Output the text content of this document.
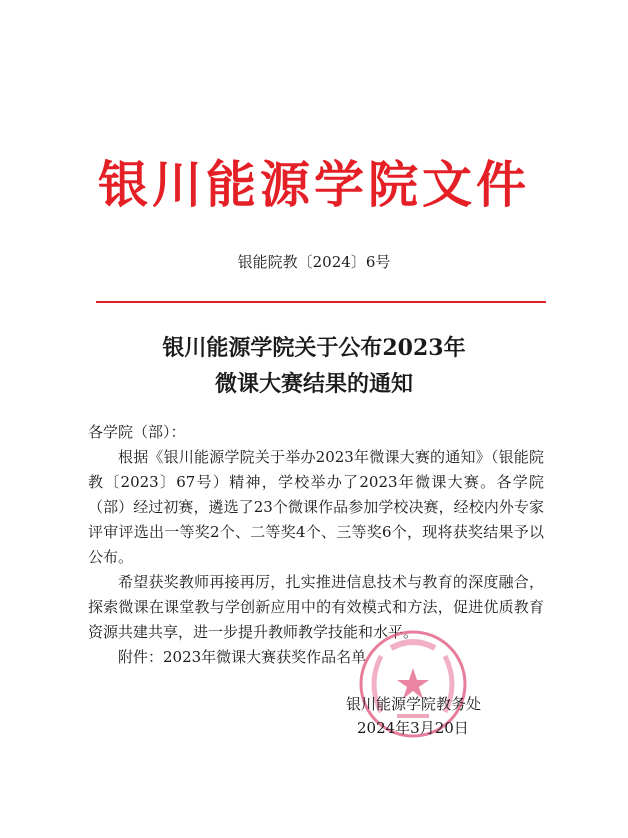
银川能源学院文件
银能院教〔2024〕6号
银川能源学院关于公布2023年
微课大赛结果的通知

各学院（部）：

根据《银川能源学院关于举办2023年微课大赛的通知》（银能院教〔2023〕67号）精神，学校举办了2023年微课大赛。各学院（部）经过初赛，遴选了23个微课作品参加学校决赛，经校内外专家评审评选出一等奖2个、二等奖4个、三等奖6个，现将获奖结果予以公布。

希望获奖教师再接再厉，扎实推进信息技术与教育的深度融合，探索微课在课堂教与学创新应用中的有效模式和方法，促进优质教育资源共建共享，进一步提升教师教学技能和水平。

附件：2023年微课大赛获奖作品名单
银川能源学院教务处
2024年3月20日
